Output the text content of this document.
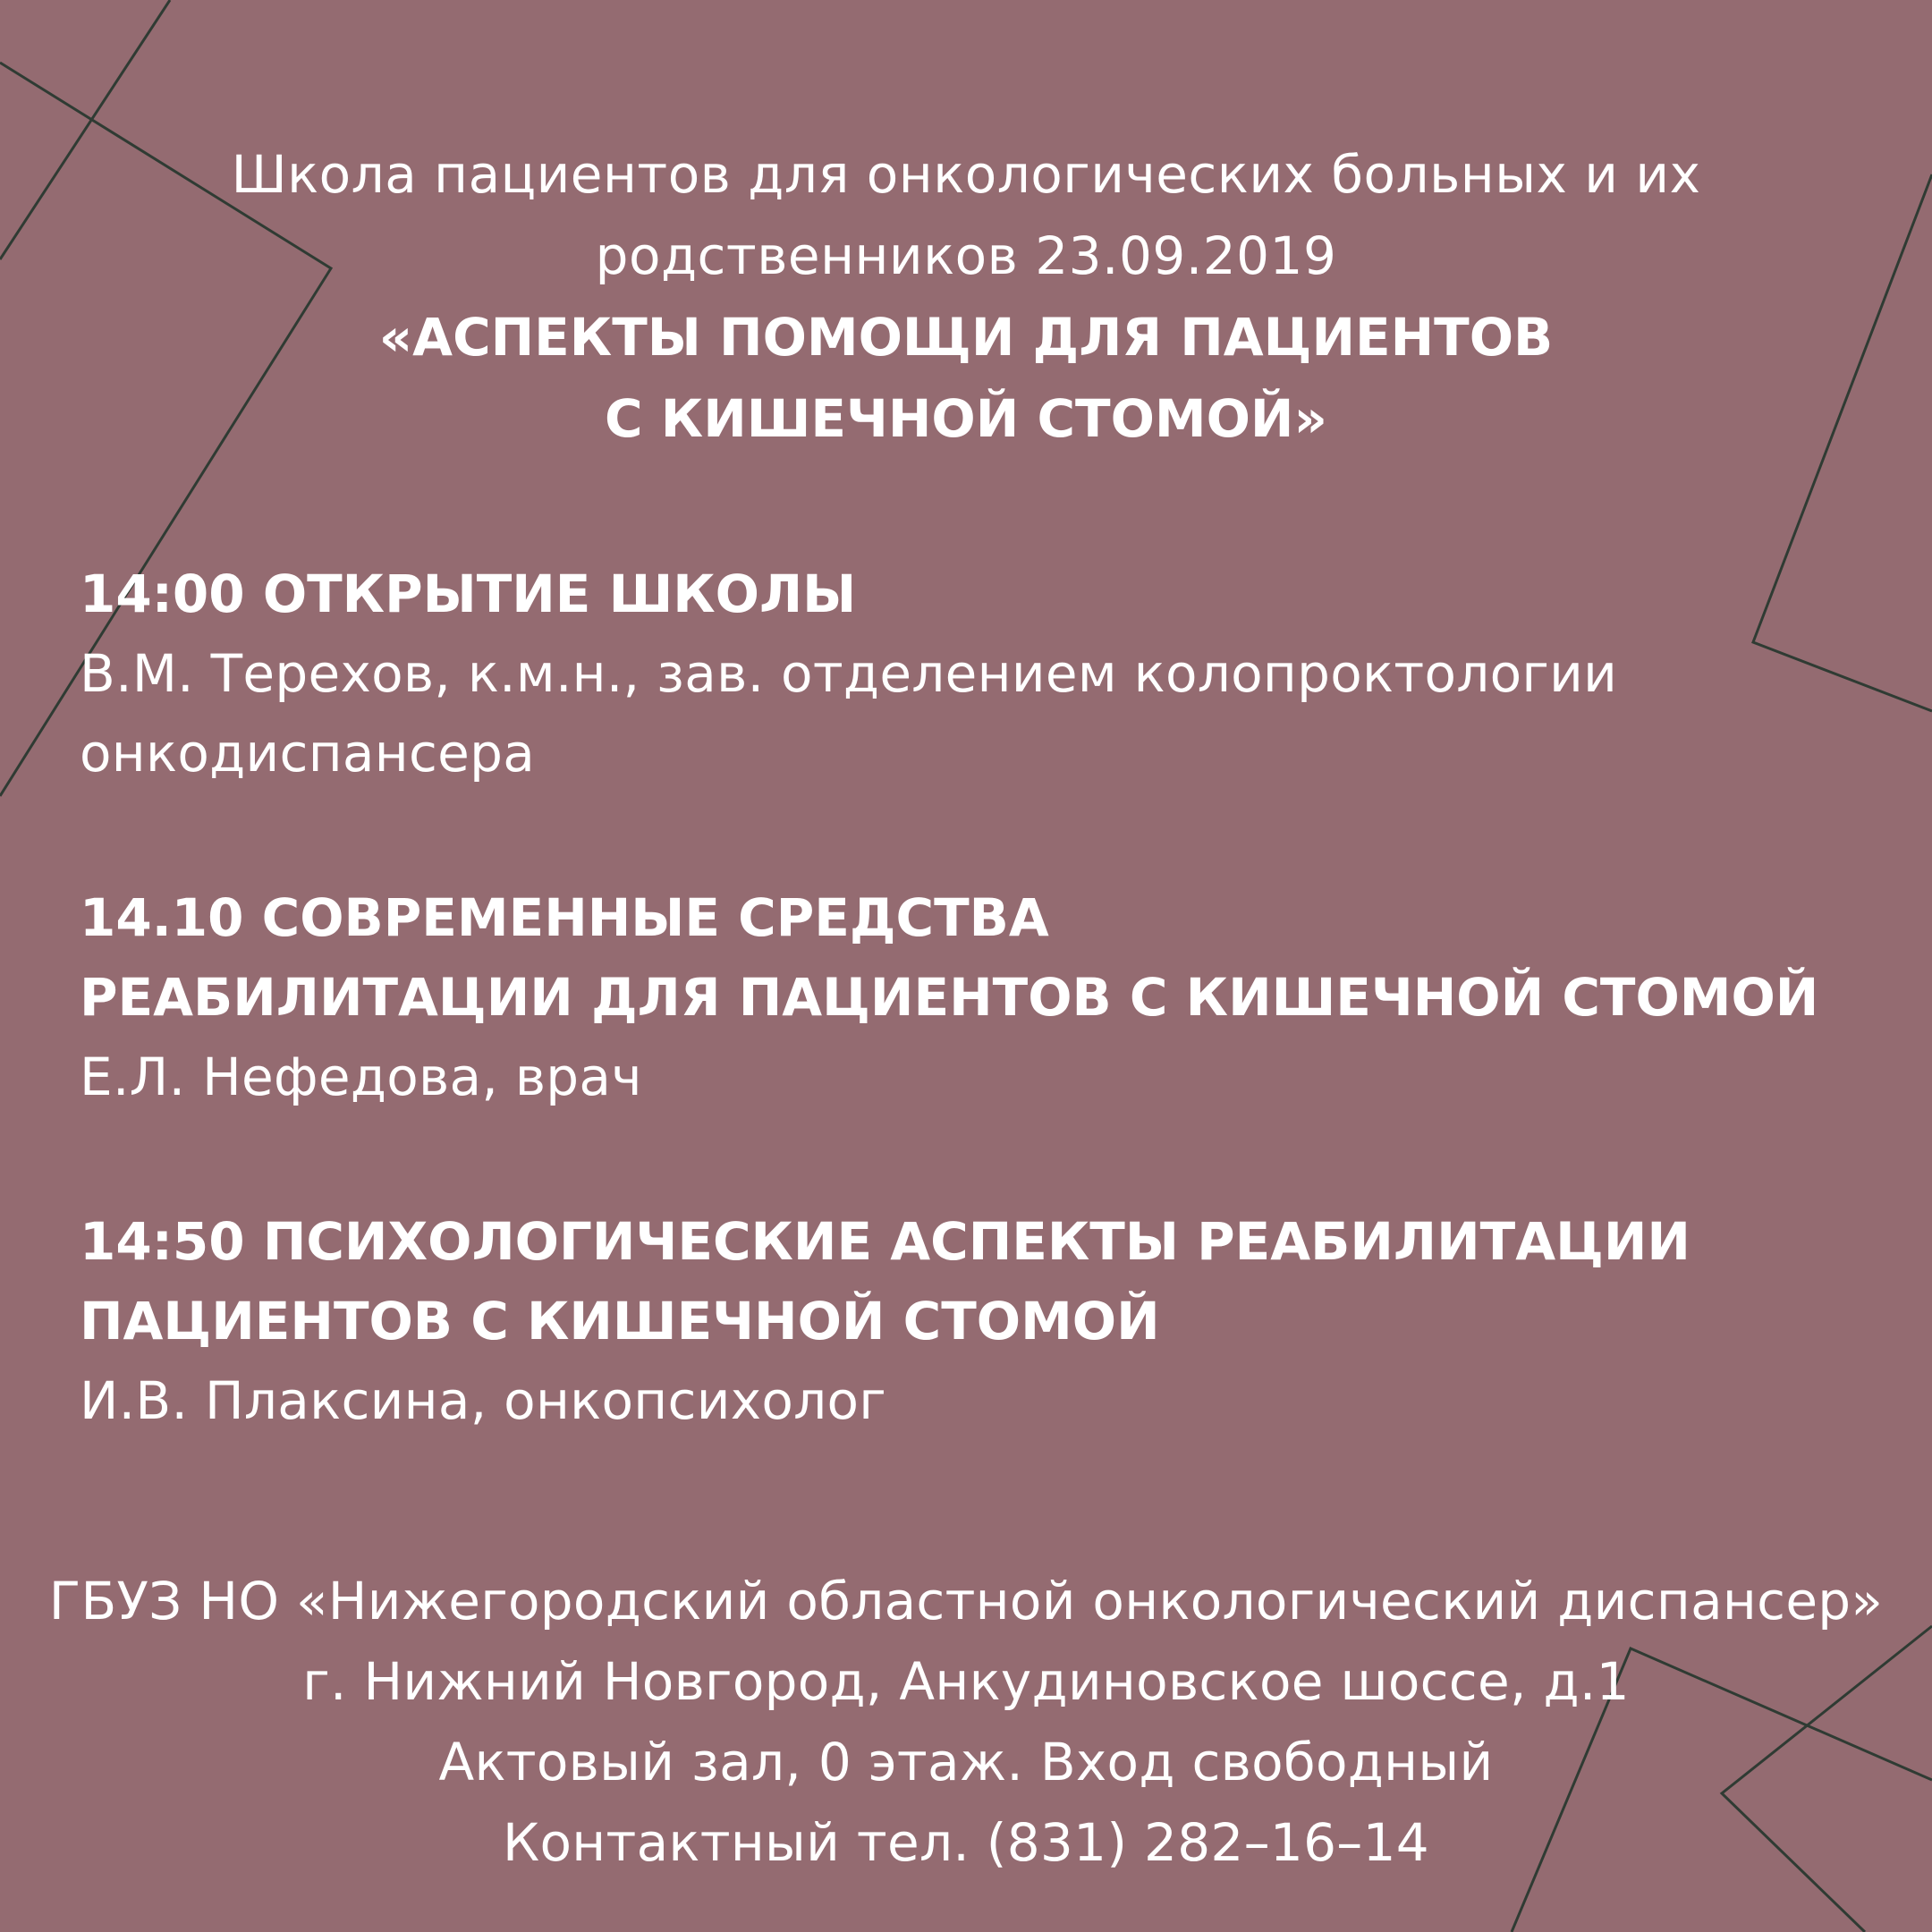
Школа пациентов для онкологических больных и их
родственников 23.09.2019
«АСПЕКТЫ ПОМОЩИ ДЛЯ ПАЦИЕНТОВ
С КИШЕЧНОЙ СТОМОЙ»
14:00 ОТКРЫТИЕ ШКОЛЫ
В.М. Терехов, к.м.н., зав. отделением колопроктологии
онкодиспансера
14.10 СОВРЕМЕННЫЕ СРЕДСТВА
РЕАБИЛИТАЦИИ ДЛЯ ПАЦИЕНТОВ С КИШЕЧНОЙ СТОМОЙ
Е.Л. Нефедова, врач
14:50 ПСИХОЛОГИЧЕСКИЕ АСПЕКТЫ РЕАБИЛИТАЦИИ
ПАЦИЕНТОВ С КИШЕЧНОЙ СТОМОЙ
И.В. Плаксина, онкопсихолог
ГБУЗ НО «Нижегородский областной онкологический диспансер»
г. Нижний Новгород, Анкудиновское шоссе, д.1
Актовый зал, 0 этаж. Вход свободный
Контактный тел. (831) 282–16–14
